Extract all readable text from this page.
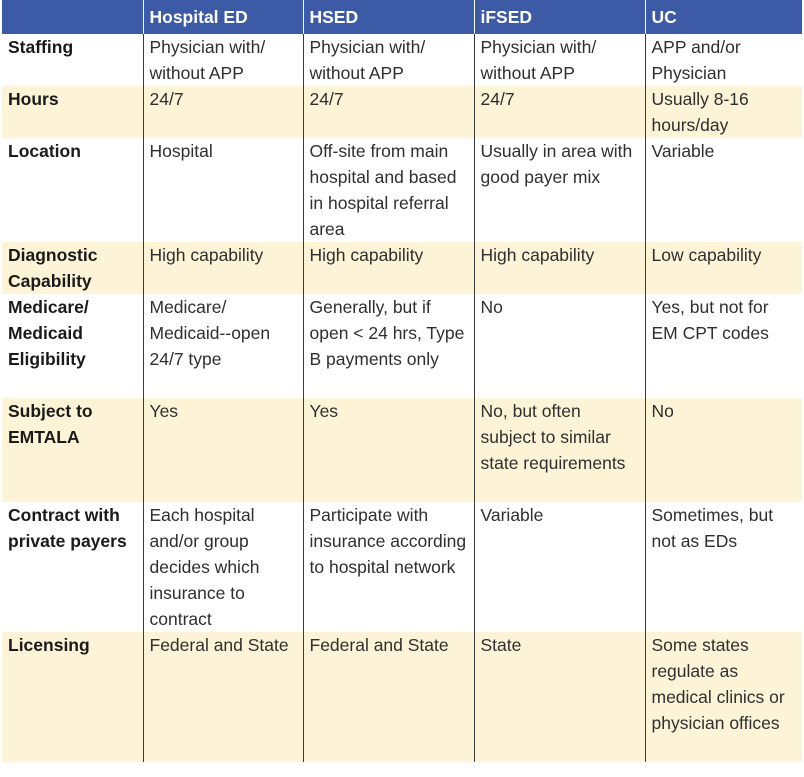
	Hospital ED	HSED	iFSED	UC
Staffing	Physician with/ without APP	Physician with/ without APP	Physician with/ without APP	APP and/or Physician
Hours	24/7	24/7	24/7	Usually 8-16 hours/day
Location	Hospital	Off-site from main hospital and based in hospital referral area	Usually in area with good payer mix	Variable
Diagnostic Capability	High capability	High capability	High capability	Low capability
Medicare/ Medicaid Eligibility	Medicare/ Medicaid--open 24/7 type	Generally, but if open < 24 hrs, Type B payments only	No	Yes, but not for EM CPT codes
Subject to EMTALA	Yes	Yes	No, but often subject to similar state requirements	No
Contract with private payers	Each hospital and/or group decides which insurance to contract	Participate with insurance according to hospital network	Variable	Sometimes, but not as EDs
Licensing	Federal and State	Federal and State	State	Some states regulate as medical clinics or physician offices
